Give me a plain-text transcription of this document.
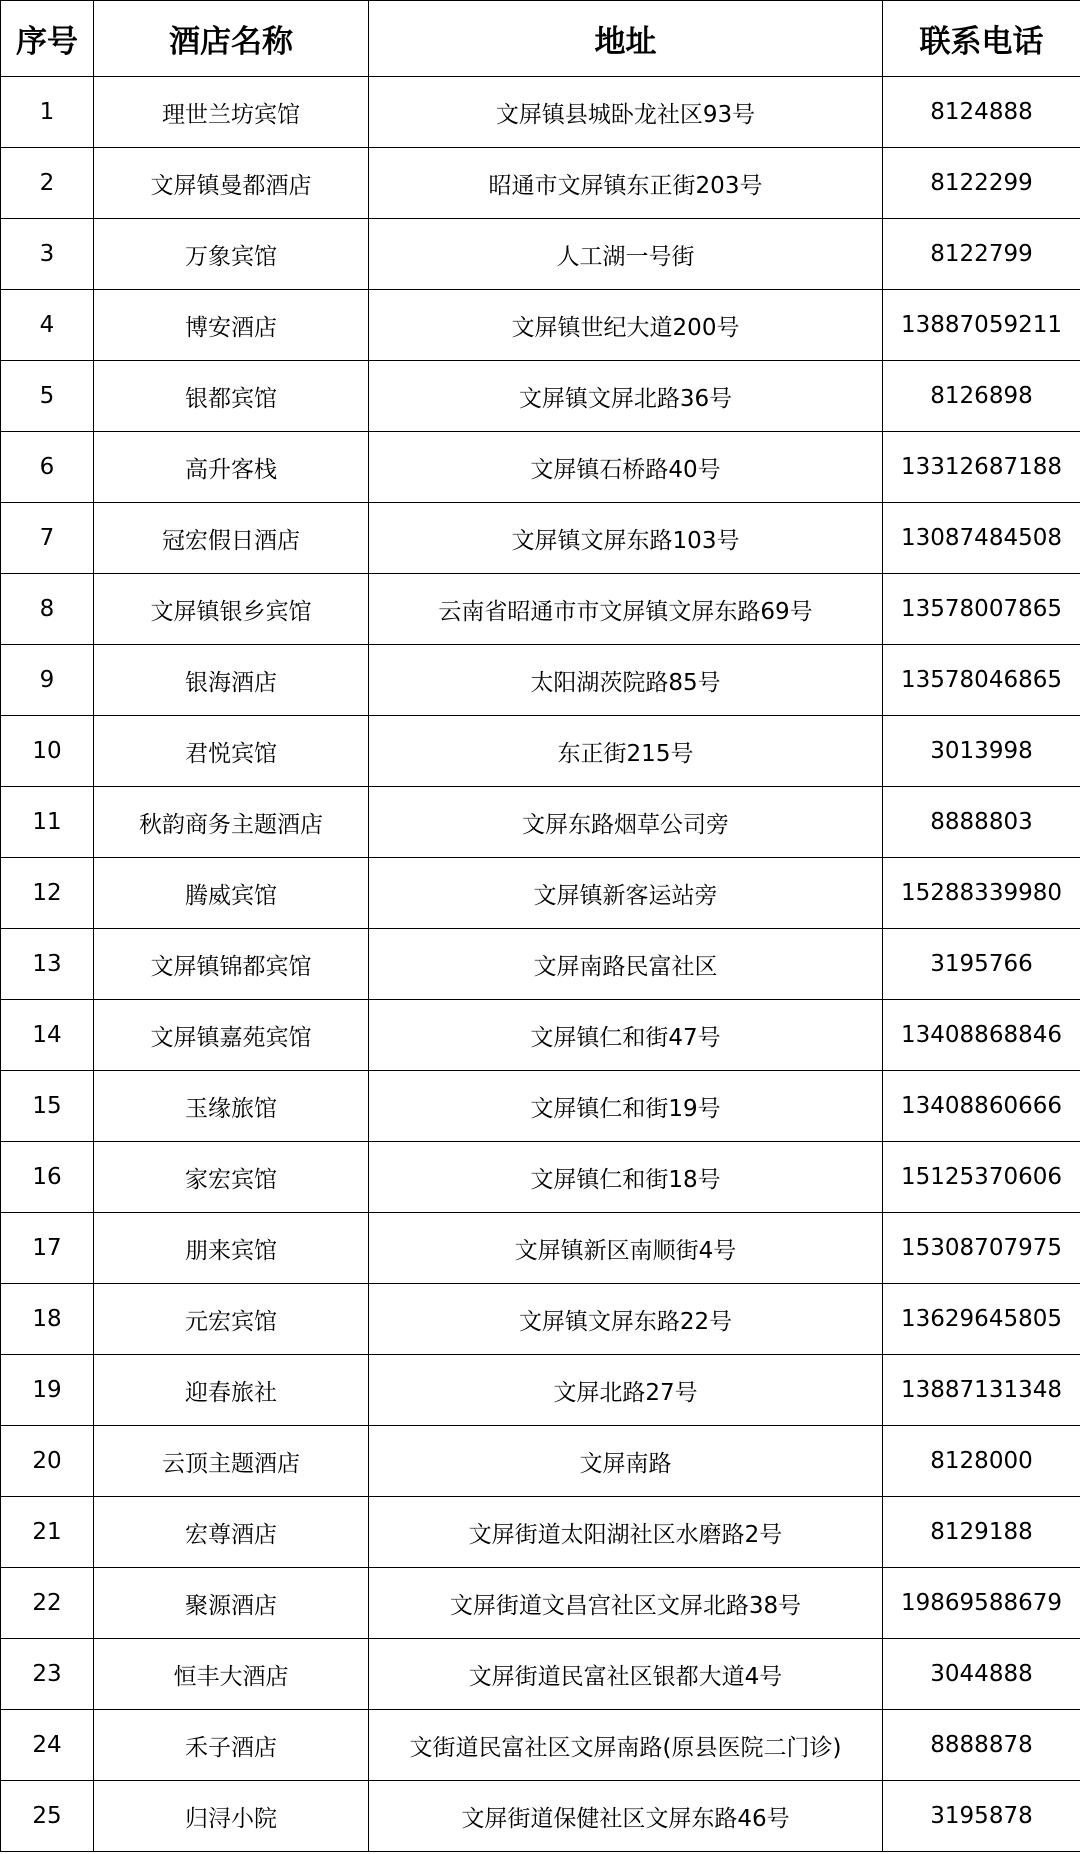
序号	酒店名称	地址	联系电话
1	理世兰坊宾馆	文屏镇县城卧龙社区93号	8124888
2	文屏镇曼都酒店	昭通市文屏镇东正街203号	8122299
3	万象宾馆	人工湖一号街	8122799
4	博安酒店	文屏镇世纪大道200号	13887059211
5	银都宾馆	文屏镇文屏北路36号	8126898
6	高升客栈	文屏镇石桥路40号	13312687188
7	冠宏假日酒店	文屏镇文屏东路103号	13087484508
8	文屏镇银乡宾馆	云南省昭通市市文屏镇文屏东路69号	13578007865
9	银海酒店	太阳湖茨院路85号	13578046865
10	君悦宾馆	东正街215号	3013998
11	秋韵商务主题酒店	文屏东路烟草公司旁	8888803
12	腾威宾馆	文屏镇新客运站旁	15288339980
13	文屏镇锦都宾馆	文屏南路民富社区	3195766
14	文屏镇嘉苑宾馆	文屏镇仁和街47号	13408868846
15	玉缘旅馆	文屏镇仁和街19号	13408860666
16	家宏宾馆	文屏镇仁和街18号	15125370606
17	朋来宾馆	文屏镇新区南顺街4号	15308707975
18	元宏宾馆	文屏镇文屏东路22号	13629645805
19	迎春旅社	文屏北路27号	13887131348
20	云顶主题酒店	文屏南路	8128000
21	宏尊酒店	文屏街道太阳湖社区水磨路2号	8129188
22	聚源酒店	文屏街道文昌宫社区文屏北路38号	19869588679
23	恒丰大酒店	文屏街道民富社区银都大道4号	3044888
24	禾子酒店	文街道民富社区文屏南路(原县医院二门诊)	8888878
25	归浔小院	文屏街道保健社区文屏东路46号	3195878
